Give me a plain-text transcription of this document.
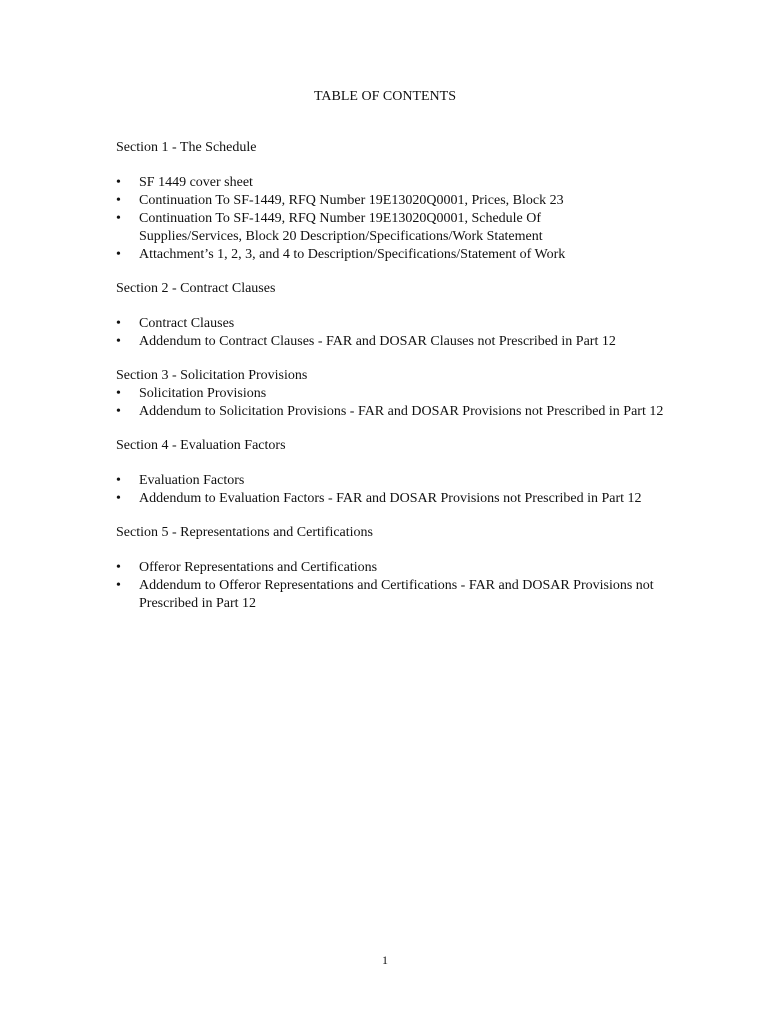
TABLE OF CONTENTS

Section 1 - The Schedule

• SF 1449 cover sheet
• Continuation To SF-1449, RFQ Number 19E13020Q0001, Prices, Block 23
• Continuation To SF-1449, RFQ Number 19E13020Q0001, Schedule Of Supplies/Services, Block 20 Description/Specifications/Work Statement
• Attachment’s 1, 2, 3, and 4 to Description/Specifications/Statement of Work

Section 2 - Contract Clauses

• Contract Clauses
• Addendum to Contract Clauses - FAR and DOSAR Clauses not Prescribed in Part 12

Section 3 - Solicitation Provisions

• Solicitation Provisions
• Addendum to Solicitation Provisions - FAR and DOSAR Provisions not Prescribed in Part 12

Section 4 - Evaluation Factors

• Evaluation Factors
• Addendum to Evaluation Factors - FAR and DOSAR Provisions not Prescribed in Part 12

Section 5 - Representations and Certifications

• Offeror Representations and Certifications
• Addendum to Offeror Representations and Certifications - FAR and DOSAR Provisions not Prescribed in Part 12
1
